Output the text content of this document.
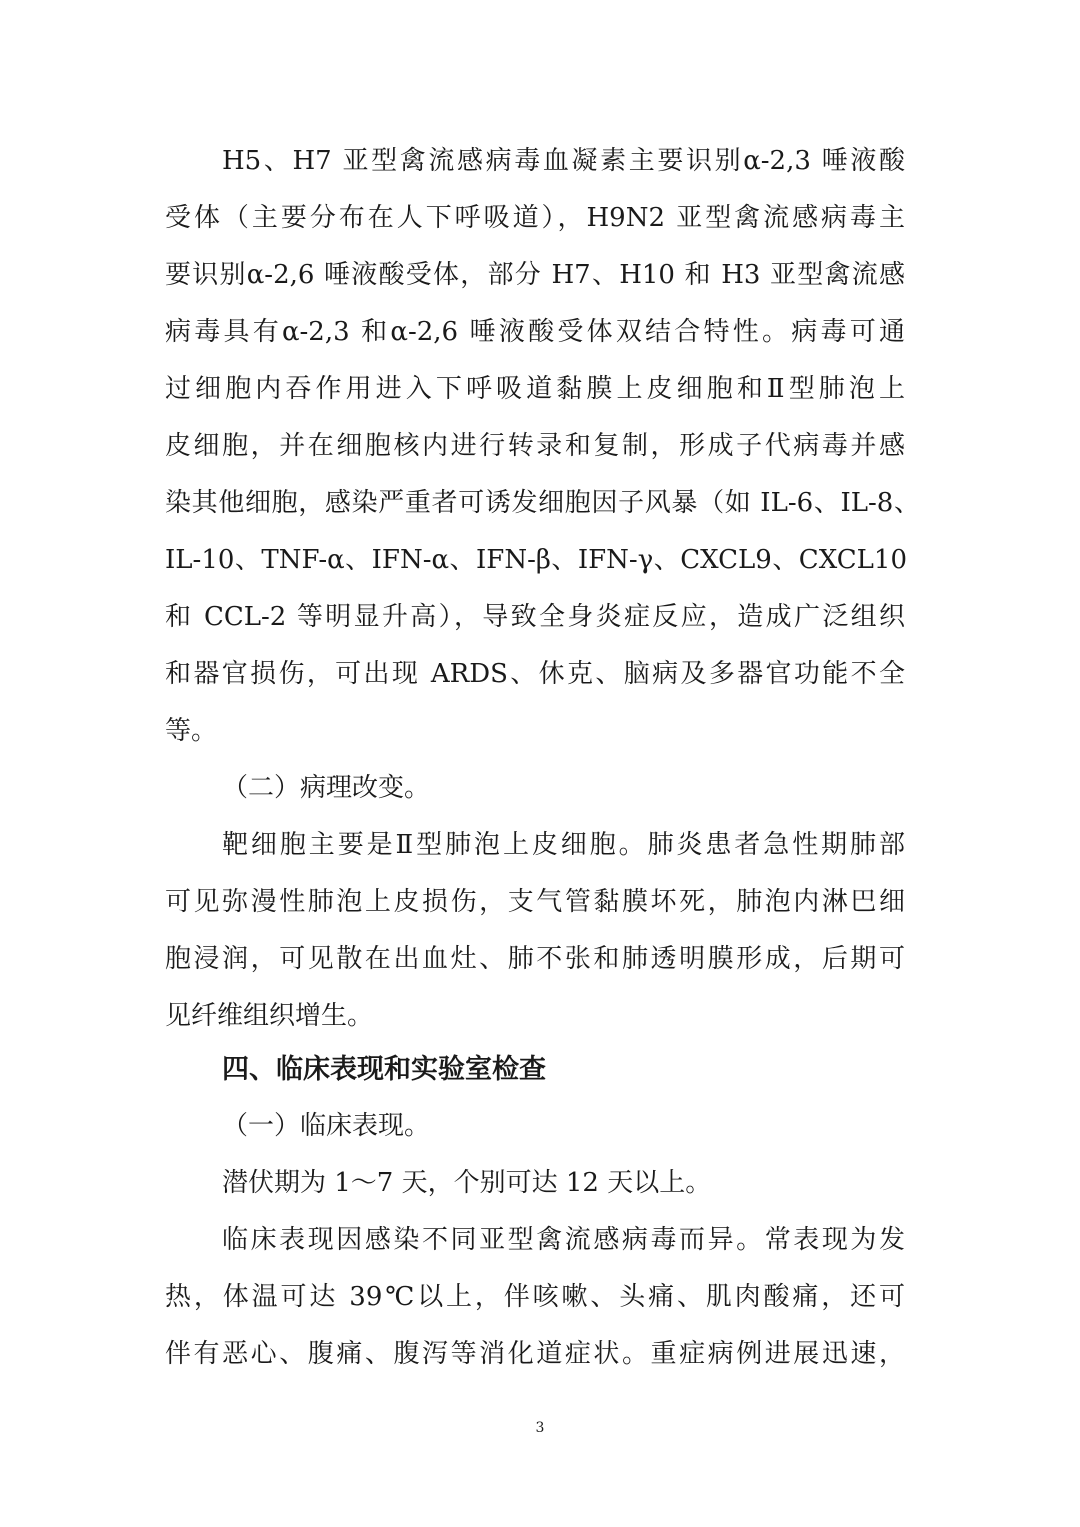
H5、H7 亚型禽流感病毒血凝素主要识别α-2,3 唾液酸
受体（主要分布在人下呼吸道），H9N2 亚型禽流感病毒主
要识别α-2,6 唾液酸受体，部分 H7、H10 和 H3 亚型禽流感
病毒具有α-2,3 和α-2,6 唾液酸受体双结合特性。病毒可通
过细胞内吞作用进入下呼吸道黏膜上皮细胞和Ⅱ型肺泡上
皮细胞，并在细胞核内进行转录和复制，形成子代病毒并感
染其他细胞，感染严重者可诱发细胞因子风暴（如 IL-6、IL-8、
IL-10、TNF-α、IFN-α、IFN-β、IFN-γ、CXCL9、CXCL10
和 CCL-2 等明显升高），导致全身炎症反应，造成广泛组织
和器官损伤，可出现 ARDS、休克、脑病及多器官功能不全
等。
（二）病理改变。
靶细胞主要是Ⅱ型肺泡上皮细胞。肺炎患者急性期肺部
可见弥漫性肺泡上皮损伤，支气管黏膜坏死，肺泡内淋巴细
胞浸润，可见散在出血灶、肺不张和肺透明膜形成，后期可
见纤维组织增生。
四、临床表现和实验室检查
（一）临床表现。
潜伏期为 1～7 天，个别可达 12 天以上。
临床表现因感染不同亚型禽流感病毒而异。常表现为发
热，体温可达 39℃以上，伴咳嗽、头痛、肌肉酸痛，还可
伴有恶心、腹痛、腹泻等消化道症状。重症病例进展迅速，
3
